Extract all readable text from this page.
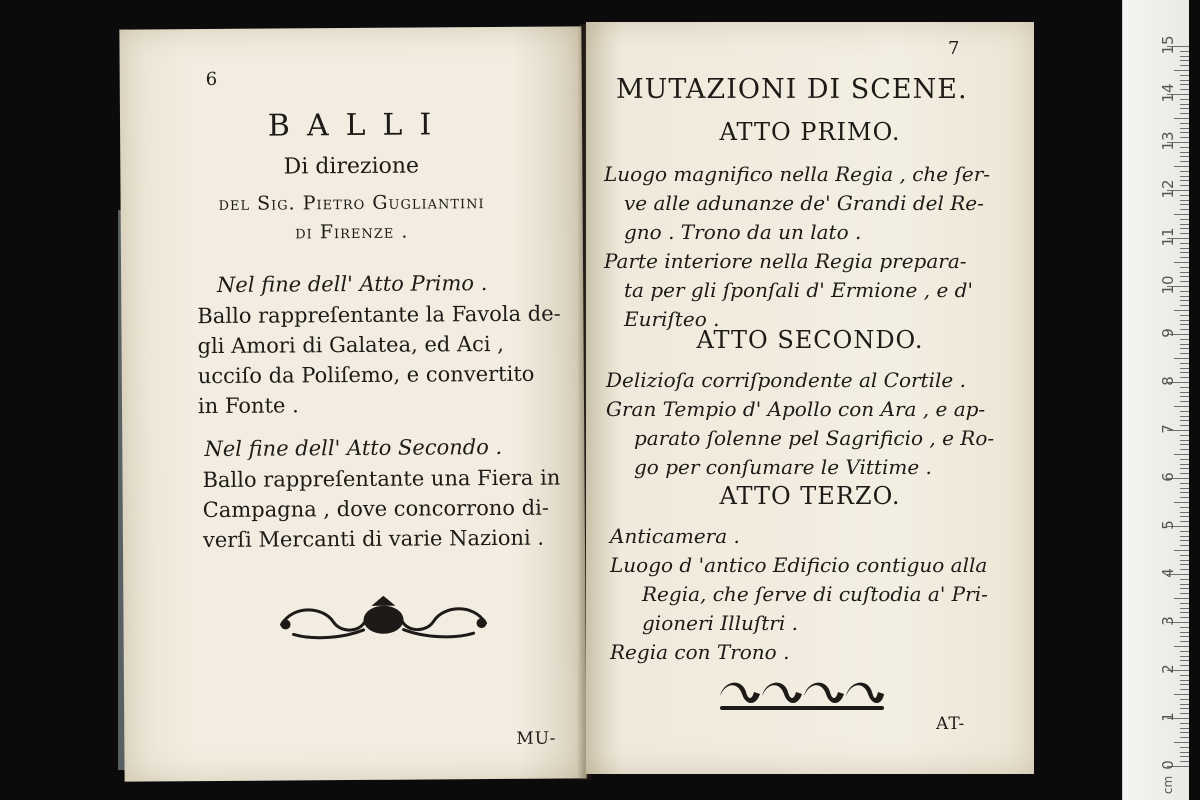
6
BALLI
Di direzione
del Sig. Pietro Gugliantini
di Firenze .
Nel fine dell' Atto Primo .
Ballo rappreſentante la Favola de-
gli Amori di Galatea, ed Aci ,
ucciſo da Poliſemo, e convertito
in Fonte .
Nel fine dell' Atto Secondo .
Ballo rappreſentante una Fiera in
Campagna , dove concorrono di-
verſi Mercanti di varie Nazioni .
MU-
7
MUTAZIONI DI SCENE.
ATTO PRIMO.
Luogo magnifico nella Regia , che ſer-
ve alle adunanze de' Grandi del Re-
gno . Trono da un lato .
Parte interiore nella Regia prepara-
ta per gli ſponſali d' Ermione , e d'
Euriſteo .
ATTO SECONDO.
Delizioſa corriſpondente al Cortile .
Gran Tempio d' Apollo con Ara , e ap-
parato ſolenne pel Sagrificio , e Ro-
go per conſumare le Vittime .
ATTO TERZO.
Anticamera .
Luogo d 'antico Edificio contiguo alla
Regia, che ſerve di cuſtodia a' Pri-
gioneri Illuſtri .
Regia con Trono .
AT-
0
1
2
3
4
5
6
7
8
9
10
11
12
13
14
15
cm
